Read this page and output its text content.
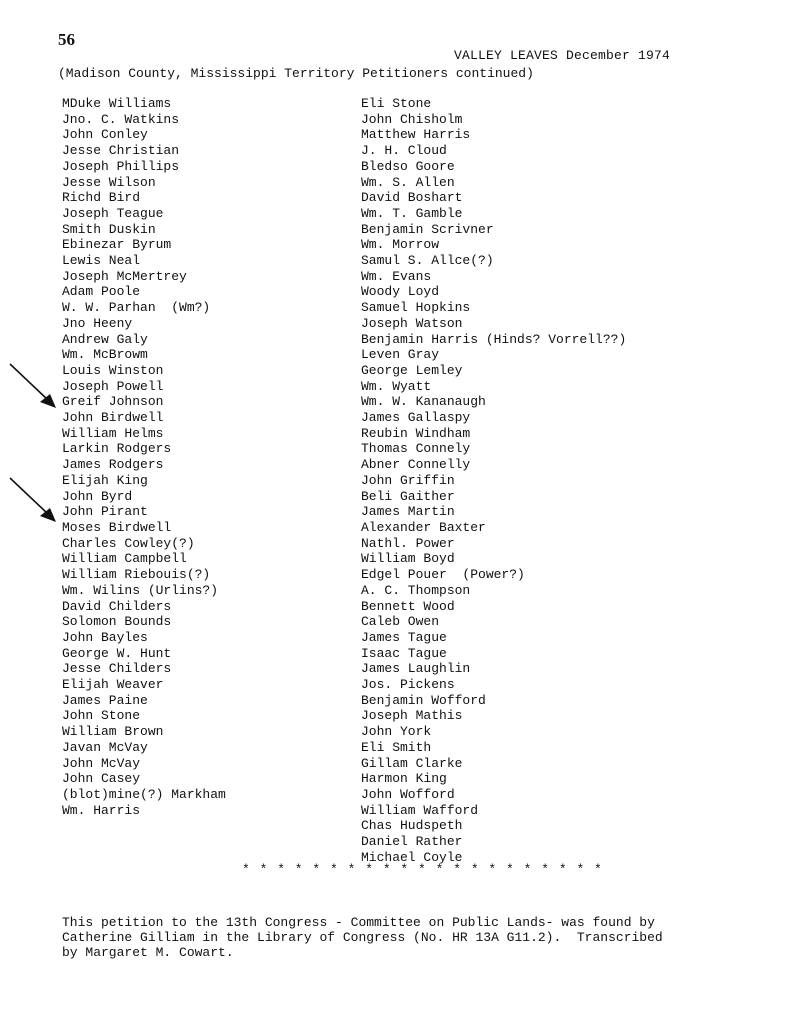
56
VALLEY LEAVES December 1974
(Madison County, Mississippi Territory Petitioners continued)
MDuke Williams
Jno. C. Watkins
John Conley
Jesse Christian
Joseph Phillips
Jesse Wilson
Richd Bird
Joseph Teague
Smith Duskin
Ebinezar Byrum
Lewis Neal
Joseph McMertrey
Adam Poole
W. W. Parhan  (Wm?)
Jno Heeny
Andrew Galy
Wm. McBrowm
Louis Winston
Joseph Powell
Greif Johnson
John Birdwell
William Helms
Larkin Rodgers
James Rodgers
Elijah King
John Byrd
John Pirant
Moses Birdwell
Charles Cowley(?)
William Campbell
William Riebouis(?)
Wm. Wilins (Urlins?)
David Childers
Solomon Bounds
John Bayles
George W. Hunt
Jesse Childers
Elijah Weaver
James Paine
John Stone
William Brown
Javan McVay
John McVay
John Casey
(blot)mine(?) Markham
Wm. Harris
Eli Stone
John Chisholm
Matthew Harris
J. H. Cloud
Bledso Goore
Wm. S. Allen
David Boshart
Wm. T. Gamble
Benjamin Scrivner
Wm. Morrow
Samul S. Allce(?)
Wm. Evans
Woody Loyd
Samuel Hopkins
Joseph Watson
Benjamin Harris (Hinds? Vorrell??)
Leven Gray
George Lemley
Wm. Wyatt
Wm. W. Kananaugh
James Gallaspy
Reubin Windham
Thomas Connely
Abner Connelly
John Griffin
Beli Gaither
James Martin
Alexander Baxter
Nathl. Power
William Boyd
Edgel Pouer  (Power?)
A. C. Thompson
Bennett Wood
Caleb Owen
James Tague
Isaac Tague
James Laughlin
Jos. Pickens
Benjamin Wofford
Joseph Mathis
John York
Eli Smith
Gillam Clarke
Harmon King
John Wofford
William Wafford
Chas Hudspeth
Daniel Rather
Michael Coyle
* * * * * * * * * * * * * * * * * * * * *
This petition to the 13th Congress - Committee on Public Lands- was found by
Catherine Gilliam in the Library of Congress (No. HR 13A G11.2).  Transcribed
by Margaret M. Cowart.
